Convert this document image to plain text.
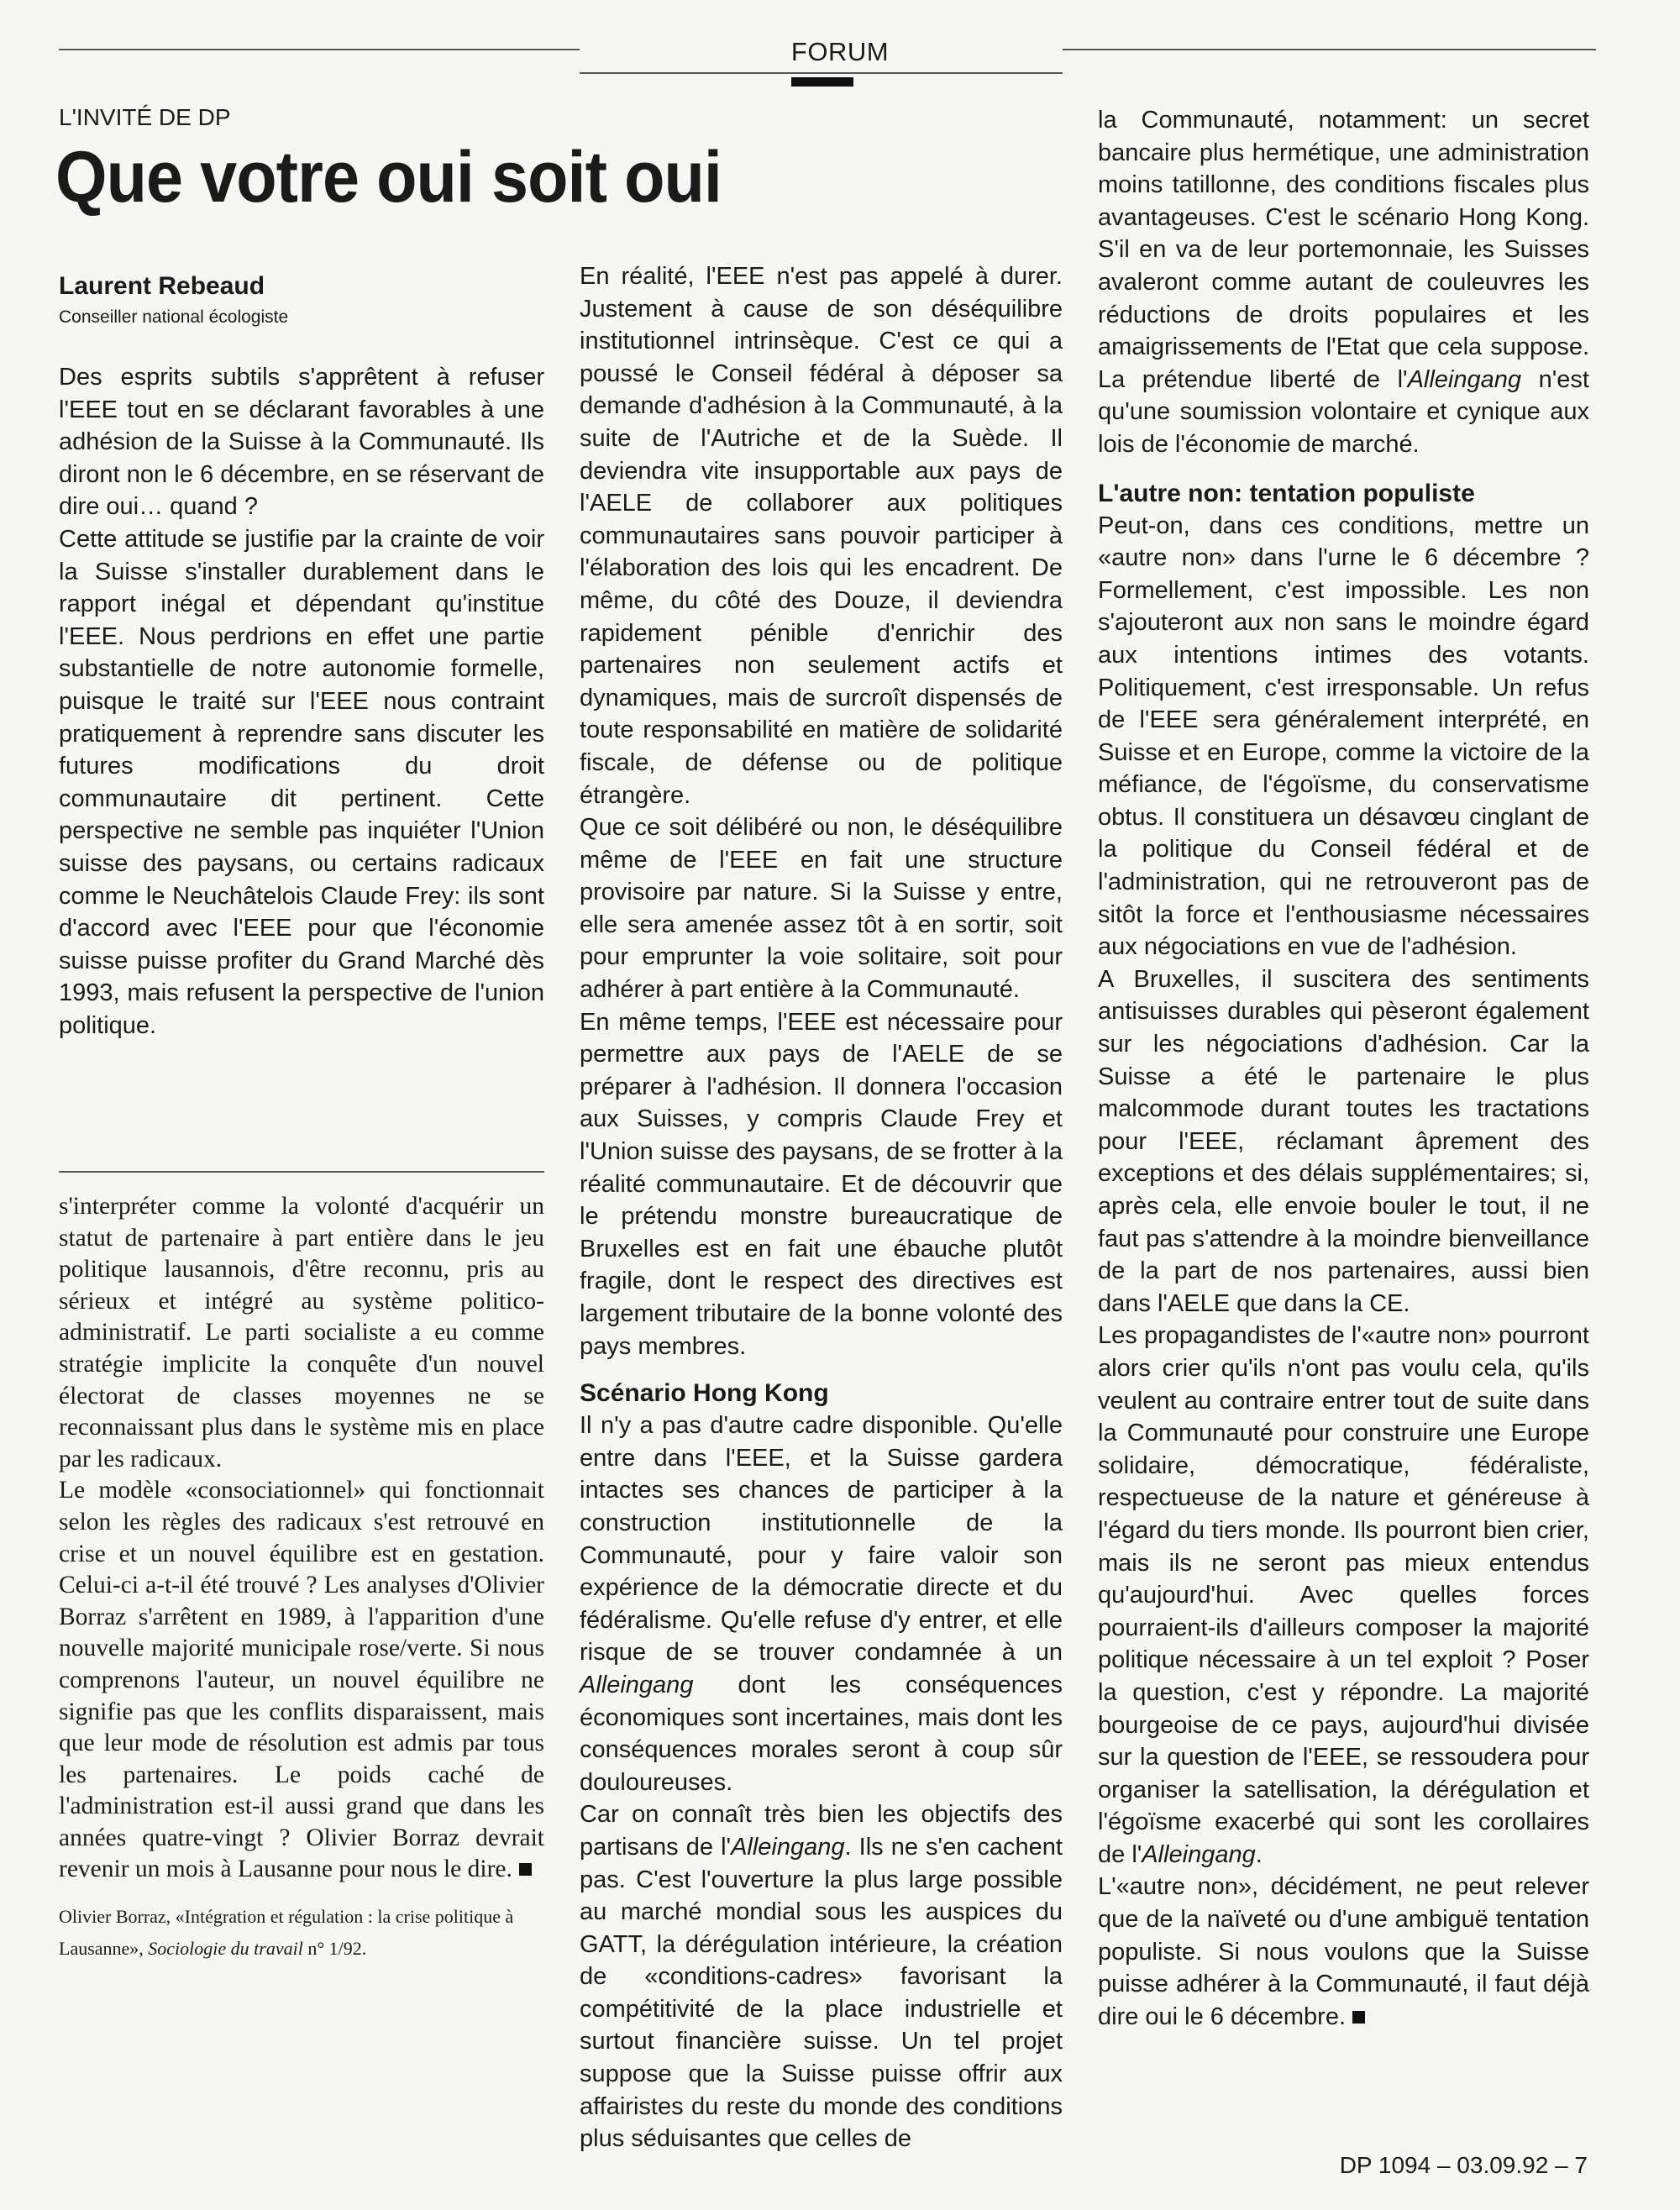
FORUM
L'INVITÉ DE DP
Que votre oui soit oui
Laurent Rebeaud
Conseiller national écologiste

Des esprits subtils s'apprêtent à refuser l'EEE tout en se déclarant favorables à une adhésion de la Suisse à la Communauté. Ils diront non le 6 décembre, en se réservant de dire oui… quand ?

Cette attitude se justifie par la crainte de voir la Suisse s'installer durablement dans le rapport inégal et dépendant qu'institue l'EEE. Nous perdrions en effet une partie substantielle de notre autonomie formelle, puisque le traité sur l'EEE nous contraint pratiquement à reprendre sans discuter les futures modifications du droit communautaire dit pertinent. Cette perspective ne semble pas inquiéter l'Union suisse des paysans, ou certains radicaux comme le Neuchâtelois Claude Frey: ils sont d'accord avec l'EEE pour que l'économie suisse puisse profiter du Grand Marché dès 1993, mais refusent la perspective de l'union politique.

s'interpréter comme la volonté d'acquérir un statut de partenaire à part entière dans le jeu politique lausannois, d'être reconnu, pris au sérieux et intégré au système politico-administratif. Le parti socialiste a eu comme stratégie implicite la conquête d'un nouvel électorat de classes moyennes ne se reconnaissant plus dans le système mis en place par les radicaux.

Le modèle «consociationnel» qui fonctionnait selon les règles des radicaux s'est retrouvé en crise et un nouvel équilibre est en gestation. Celui-ci a-t-il été trouvé ? Les analyses d'Olivier Borraz s'arrêtent en 1989, à l'apparition d'une nouvelle majorité municipale rose/verte. Si nous comprenons l'auteur, un nouvel équilibre ne signifie pas que les conflits disparaissent, mais que leur mode de résolution est admis par tous les partenaires. Le poids caché de l'administration est-il aussi grand que dans les années quatre-vingt ? Olivier Borraz devrait revenir un mois à Lausanne pour nous le dire.

Olivier Borraz, «Intégration et régulation : la crise politique à Lausanne», Sociologie du travail n° 1/92.

En réalité, l'EEE n'est pas appelé à durer. Justement à cause de son déséquilibre institutionnel intrinsèque. C'est ce qui a poussé le Conseil fédéral à déposer sa demande d'adhésion à la Communauté, à la suite de l'Autriche et de la Suède. Il deviendra vite insupportable aux pays de l'AELE de collaborer aux politiques communautaires sans pouvoir participer à l'élaboration des lois qui les encadrent. De même, du côté des Douze, il deviendra rapidement pénible d'enrichir des partenaires non seulement actifs et dynamiques, mais de surcroît dispensés de toute responsabilité en matière de solidarité fiscale, de défense ou de politique étrangère.

Que ce soit délibéré ou non, le déséquilibre même de l'EEE en fait une structure provisoire par nature. Si la Suisse y entre, elle sera amenée assez tôt à en sortir, soit pour emprunter la voie solitaire, soit pour adhérer à part entière à la Communauté.

En même temps, l'EEE est nécessaire pour permettre aux pays de l'AELE de se préparer à l'adhésion. Il donnera l'occasion aux Suisses, y compris Claude Frey et l'Union suisse des paysans, de se frotter à la réalité communautaire. Et de découvrir que le prétendu monstre bureaucratique de Bruxelles est en fait une ébauche plutôt fragile, dont le respect des directives est largement tributaire de la bonne volonté des pays membres.

Scénario Hong Kong

Il n'y a pas d'autre cadre disponible. Qu'elle entre dans l'EEE, et la Suisse gardera intactes ses chances de participer à la construction institutionnelle de la Communauté, pour y faire valoir son expérience de la démocratie directe et du fédéralisme. Qu'elle refuse d'y entrer, et elle risque de se trouver condamnée à un Alleingang dont les conséquences économiques sont incertaines, mais dont les conséquences morales seront à coup sûr douloureuses.

Car on connaît très bien les objectifs des partisans de l'Alleingang. Ils ne s'en cachent pas. C'est l'ouverture la plus large possible au marché mondial sous les auspices du GATT, la dérégulation intérieure, la création de «conditions-cadres» favorisant la compétitivité de la place industrielle et surtout financière suisse. Un tel projet suppose que la Suisse puisse offrir aux affairistes du reste du monde des conditions plus séduisantes que celles de

la Communauté, notamment: un secret bancaire plus hermétique, une administration moins tatillonne, des conditions fiscales plus avantageuses. C'est le scénario Hong Kong. S'il en va de leur portemonnaie, les Suisses avaleront comme autant de couleuvres les réductions de droits populaires et les amaigrissements de l'Etat que cela suppose. La prétendue liberté de l'Alleingang n'est qu'une soumission volontaire et cynique aux lois de l'économie de marché.

L'autre non: tentation populiste

Peut-on, dans ces conditions, mettre un «autre non» dans l'urne le 6 décembre ? Formellement, c'est impossible. Les non s'ajouteront aux non sans le moindre égard aux intentions intimes des votants. Politiquement, c'est irresponsable. Un refus de l'EEE sera généralement interprété, en Suisse et en Europe, comme la victoire de la méfiance, de l'égoïsme, du conservatisme obtus. Il constituera un désavœu cinglant de la politique du Conseil fédéral et de l'administration, qui ne retrouveront pas de sitôt la force et l'enthousiasme nécessaires aux négociations en vue de l'adhésion.

A Bruxelles, il suscitera des sentiments antisuisses durables qui pèseront également sur les négociations d'adhésion. Car la Suisse a été le partenaire le plus malcommode durant toutes les tractations pour l'EEE, réclamant âprement des exceptions et des délais supplémentaires; si, après cela, elle envoie bouler le tout, il ne faut pas s'attendre à la moindre bienveillance de la part de nos partenaires, aussi bien dans l'AELE que dans la CE.

Les propagandistes de l'«autre non» pourront alors crier qu'ils n'ont pas voulu cela, qu'ils veulent au contraire entrer tout de suite dans la Communauté pour construire une Europe solidaire, démocratique, fédéraliste, respectueuse de la nature et généreuse à l'égard du tiers monde. Ils pourront bien crier, mais ils ne seront pas mieux entendus qu'aujourd'hui. Avec quelles forces pourraient-ils d'ailleurs composer la majorité politique nécessaire à un tel exploit ? Poser la question, c'est y répondre. La majorité bourgeoise de ce pays, aujourd'hui divisée sur la question de l'EEE, se ressoudera pour organiser la satellisation, la dérégulation et l'égoïsme exacerbé qui sont les corollaires de l'Alleingang.

L'«autre non», décidément, ne peut relever que de la naïveté ou d'une ambiguë tentation populiste. Si nous voulons que la Suisse puisse adhérer à la Communauté, il faut déjà dire oui le 6 décembre.

DP 1094 – 03.09.92 – 7
